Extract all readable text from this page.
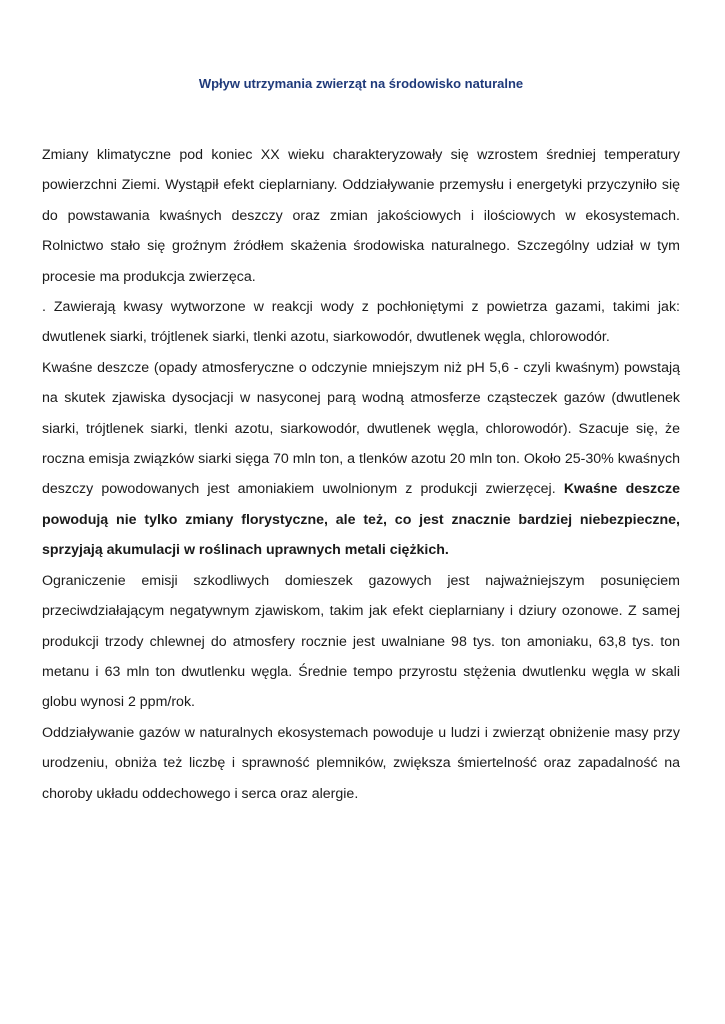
Wpływ utrzymania zwierząt na środowisko naturalne

Zmiany klimatyczne pod koniec XX wieku charakteryzowały się wzrostem średniej temperatury powierzchni Ziemi. Wystąpił efekt cieplarniany. Oddziaływanie przemysłu i energetyki przyczyniło się do powstawania kwaśnych deszczy oraz zmian jakościowych i ilościowych w ekosystemach. Rolnictwo stało się groźnym źródłem skażenia środowiska naturalnego. Szczególny udział w tym procesie ma produkcja zwierzęca.

. Zawierają kwasy wytworzone w reakcji wody z pochłoniętymi z powietrza gazami, takimi jak: dwutlenek siarki, trójtlenek siarki, tlenki azotu, siarkowodór, dwutlenek węgla, chlorowodór.

Kwaśne deszcze (opady atmosferyczne o odczynie mniejszym niż pH 5,6 - czyli kwaśnym) powstają na skutek zjawiska dysocjacji w nasyconej parą wodną atmosferze cząsteczek gazów (dwutlenek siarki, trójtlenek siarki, tlenki azotu, siarkowodór, dwutlenek węgla, chlorowodór). Szacuje się, że roczna emisja związków siarki sięga 70 mln ton, a tlenków azotu 20 mln ton. Około 25-30% kwaśnych deszczy powodowanych jest amoniakiem uwolnionym z produkcji zwierzęcej. Kwaśne deszcze powodują nie tylko zmiany florystyczne, ale też, co jest znacznie bardziej niebezpieczne, sprzyjają akumulacji w roślinach uprawnych metali ciężkich.

Ograniczenie emisji szkodliwych domieszek gazowych jest najważniejszym posunięciem przeciwdziałającym negatywnym zjawiskom, takim jak efekt cieplarniany i dziury ozonowe. Z samej produkcji trzody chlewnej do atmosfery rocznie jest uwalniane 98 tys. ton amoniaku, 63,8 tys. ton metanu i 63 mln ton dwutlenku węgla. Średnie tempo przyrostu stężenia dwutlenku węgla w skali globu wynosi 2 ppm/rok.

Oddziaływanie gazów w naturalnych ekosystemach powoduje u ludzi i zwierząt obniżenie masy przy urodzeniu, obniża też liczbę i sprawność plemników, zwiększa śmiertelność oraz zapadalność na choroby układu oddechowego i serca oraz alergie.
